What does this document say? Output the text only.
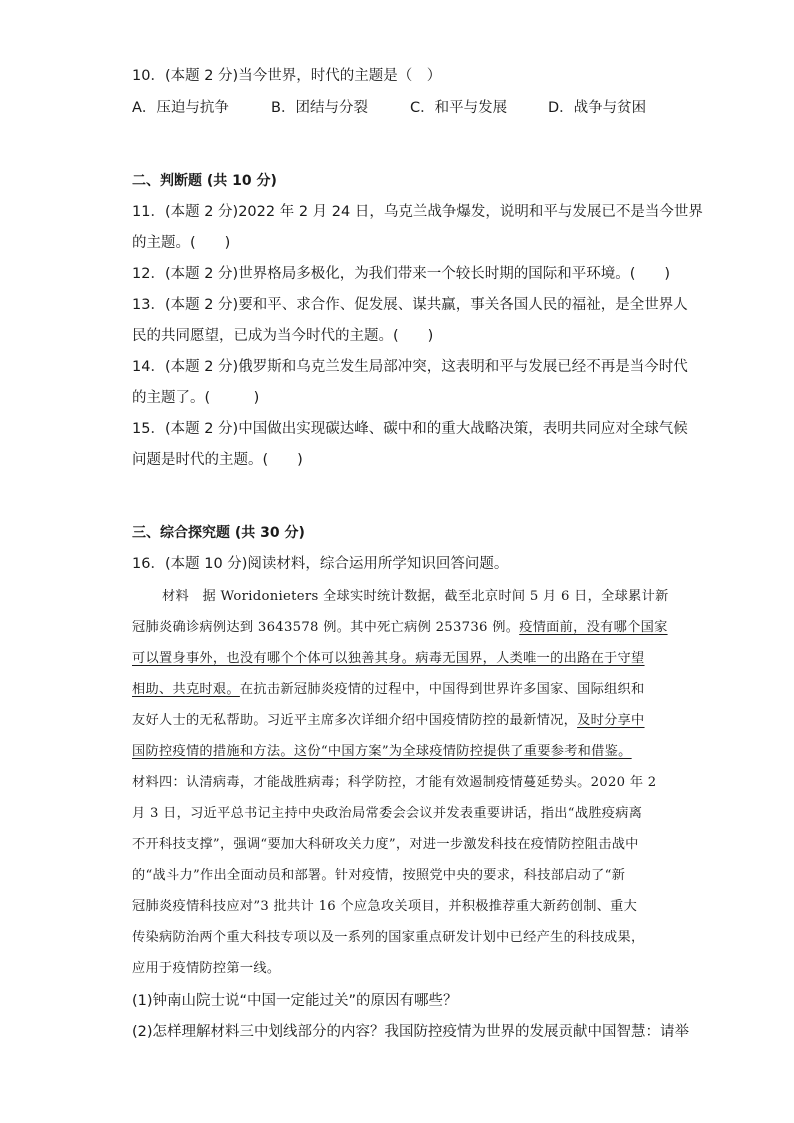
10．(本题 2 分)当今世界，时代的主题是（　）
A．压迫与抗争	B．团结与分裂	C．和平与发展	D．战争与贫困
二、判断题 (共 10 分)
11．(本题 2 分)2022 年 2 月 24 日，乌克兰战争爆发，说明和平与发展已不是当今世界
的主题。(　　)
12．(本题 2 分)世界格局多极化，为我们带来一个较长时期的国际和平环境。(　　)
13．(本题 2 分)要和平、求合作、促发展、谋共赢，事关各国人民的福祉，是全世界人
民的共同愿望，已成为当今时代的主题。(　　)
14．(本题 2 分)俄罗斯和乌克兰发生局部冲突，这表明和平与发展已经不再是当今时代
的主题了。(　　　)
15．(本题 2 分)中国做出实现碳达峰、碳中和的重大战略决策，表明共同应对全球气候
问题是时代的主题。(　　)
三、综合探究题 (共 30 分)
16．(本题 10 分)阅读材料，综合运用所学知识回答问题。
材料　据 Woridonieters 全球实时统计数据，截至北京时间 5 月 6 日，全球累计新
冠肺炎确诊病例达到 3643578 例。其中死亡病例 253736 例。疫情面前，没有哪个国家
可以置身事外，也没有哪个个体可以独善其身。病毒无国界，人类唯一的出路在于守望
相助、共克时艰。在抗击新冠肺炎疫情的过程中，中国得到世界许多国家、国际组织和
友好人士的无私帮助。习近平主席多次详细介绍中国疫情防控的最新情况，及时分享中
国防控疫情的措施和方法。这份“中国方案”为全球疫情防控提供了重要参考和借鉴。
材料四：认清病毒，才能战胜病毒；科学防控，才能有效遏制疫情蔓延势头。2020 年 2
月 3 日，习近平总书记主持中央政治局常委会会议并发表重要讲话，指出“战胜疫病离
不开科技支撑”，强调“要加大科研攻关力度”，对进一步激发科技在疫情防控阻击战中
的“战斗力”作出全面动员和部署。针对疫情，按照党中央的要求，科技部启动了“新
冠肺炎疫情科技应对”3 批共计 16 个应急攻关项目，并积极推荐重大新药创制、重大
传染病防治两个重大科技专项以及一系列的国家重点研发计划中已经产生的科技成果，
应用于疫情防控第一线。
(1)钟南山院士说“中国一定能过关”的原因有哪些？
(2)怎样理解材料三中划线部分的内容？我国防控疫情为世界的发展贡献中国智慧：请举
